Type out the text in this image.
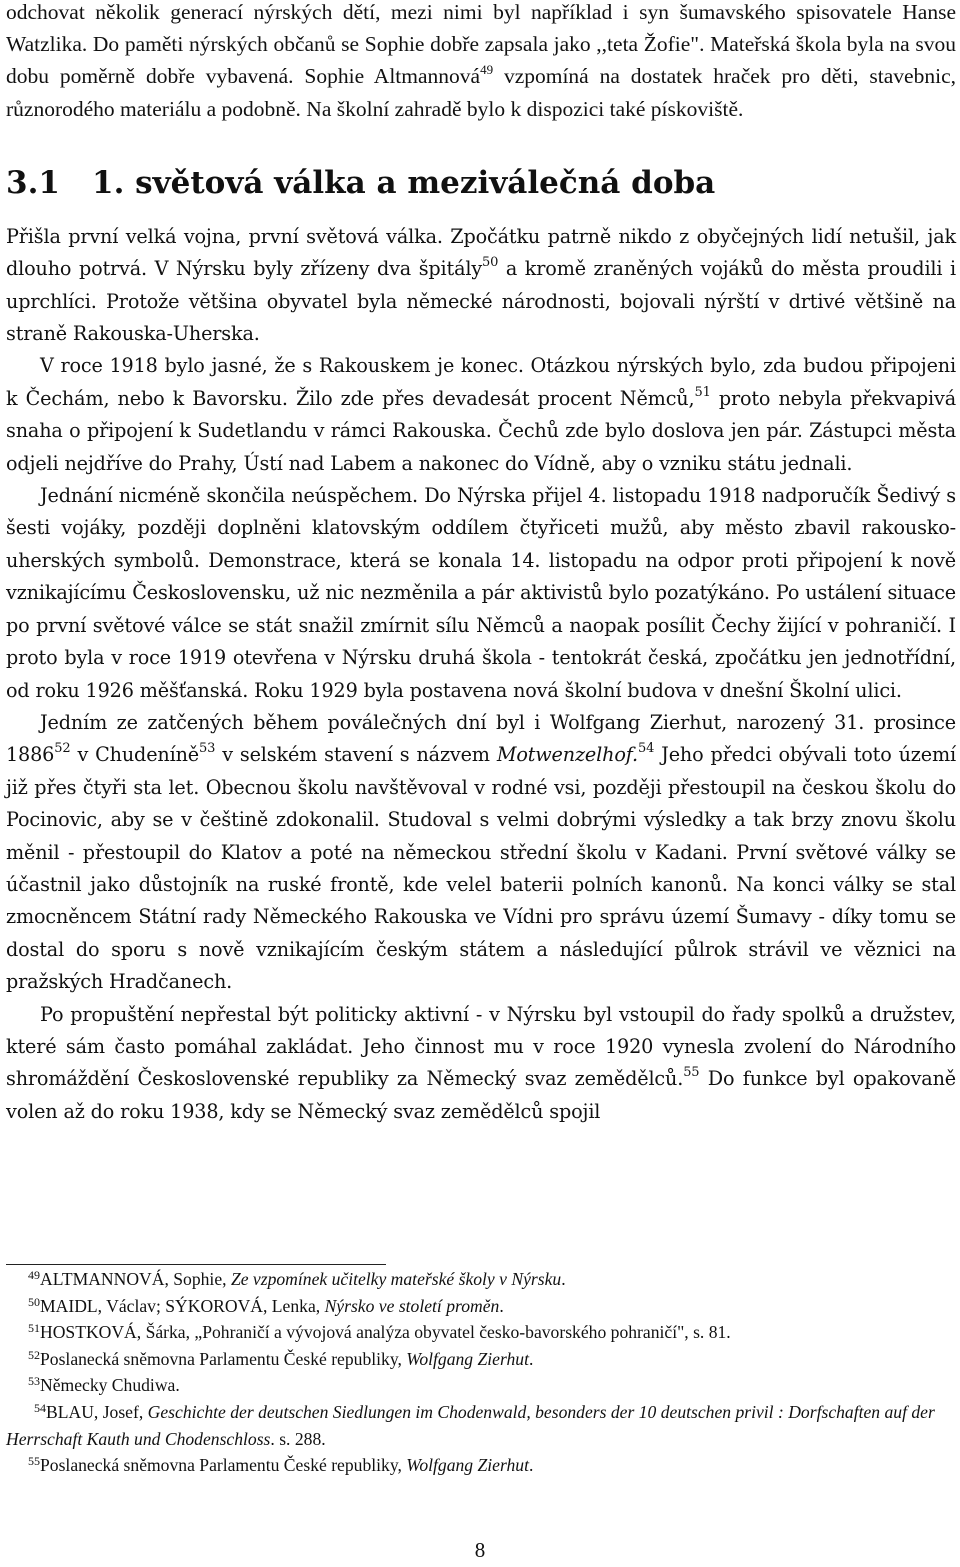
odchovat několik generací nýrských dětí, mezi nimi byl například i syn šumavského spisovatele Hanse Watzlika. Do paměti nýrských občanů se Sophie dobře zapsala jako ,,teta Žofie". Mateřská škola byla na svou dobu poměrně dobře vybavená. Sophie Altmannová$^{49}$ vzpomíná na dostatek hraček pro děti, stavebnic, různorodého materiálu a podobně. Na školní zahradě bylo k dispozici také pískoviště.

3.1 1. světová válka a meziválečná doba

Přišla první velká vojna, první světová válka. Zpočátku patrně nikdo z obyčejných lidí netušil, jak dlouho potrvá. V Nýrsku byly zřízeny dva špitály$^{50}$ a kromě zraněných vojáků do města proudili i uprchlíci. Protože většina obyvatel byla německé národnosti, bojovali nýrští v drtivé většině na straně Rakouska-Uherska.

V roce 1918 bylo jasné, že s Rakouskem je konec. Otázkou nýrských bylo, zda budou připojeni k Čechám, nebo k Bavorsku. Žilo zde přes devadesát procent Němců,$^{51}$ proto nebyla překvapivá snaha o připojení k Sudetlandu v rámci Rakouska. Čechů zde bylo doslova jen pár. Zástupci města odjeli nejdříve do Prahy, Ústí nad Labem a nakonec do Vídně, aby o vzniku státu jednali.

Jednání nicméně skončila neúspěchem. Do Nýrska přijel 4. listopadu 1918 nadporučík Šedivý s šesti vojáky, později doplněni klatovským oddílem čtyřiceti mužů, aby město zbavil rakousko-uherských symbolů. Demonstrace, která se konala 14. listopadu na odpor proti připojení k nově vznikajícímu Československu, už nic nezměnila a pár aktivistů bylo pozatýkáno. Po ustálení situace po první světové válce se stát snažil zmírnit sílu Němců a naopak posílit Čechy žijící v pohraničí. I proto byla v roce 1919 otevřena v Nýrsku druhá škola - tentokrát česká, zpočátku jen jednotřídní, od roku 1926 měšťanská. Roku 1929 byla postavena nová školní budova v dnešní Školní ulici.

Jedním ze zatčených během poválečných dní byl i Wolfgang Zierhut, narozený 31. prosince 1886$^{52}$ v Chudeníně$^{53}$ v selském stavení s názvem Motwenzelhof.$^{54}$ Jeho předci obývali toto území již přes čtyři sta let. Obecnou školu navštěvoval v rodné vsi, později přestoupil na českou školu do Pocinovic, aby se v češtině zdokonalil. Studoval s velmi dobrými výsledky a tak brzy znovu školu měnil - přestoupil do Klatov a poté na německou střední školu v Kadani. První světové války se účastnil jako důstojník na ruské frontě, kde velel baterii polních kanonů. Na konci války se stal zmocněncem Státní rady Německého Rakouska ve Vídni pro správu území Šumavy - díky tomu se dostal do sporu s nově vznikajícím českým státem a následující půlrok strávil ve věznici na pražských Hradčanech.

Po propuštění nepřestal být politicky aktivní - v Nýrsku byl vstoupil do řady spolků a družstev, které sám často pomáhal zakládat. Jeho činnost mu v roce 1920 vynesla zvolení do Národního shromáždění Československé republiky za Německý svaz zemědělců.$^{55}$ Do funkce byl opakovaně volen až do roku 1938, kdy se Německý svaz zemědělců spojil

49ALTMANNOVÁ, Sophie, Ze vzpomínek učitelky mateřské školy v Nýrsku.

50MAIDL, Václav; SÝKOROVÁ, Lenka, Nýrsko ve století proměn.

51HOSTKOVÁ, Šárka, „Pohraničí a vývojová analýza obyvatel česko-bavorského pohraničí", s. 81.

52Poslanecká sněmovna Parlamentu České republiky, Wolfgang Zierhut.

53Německy Chudiwa.

54BLAU, Josef, Geschichte der deutschen Siedlungen im Chodenwald, besonders der 10 deutschen privil : Dorfschaften auf der Herrschaft Kauth und Chodenschloss. s. 288.

55Poslanecká sněmovna Parlamentu České republiky, Wolfgang Zierhut.

8
